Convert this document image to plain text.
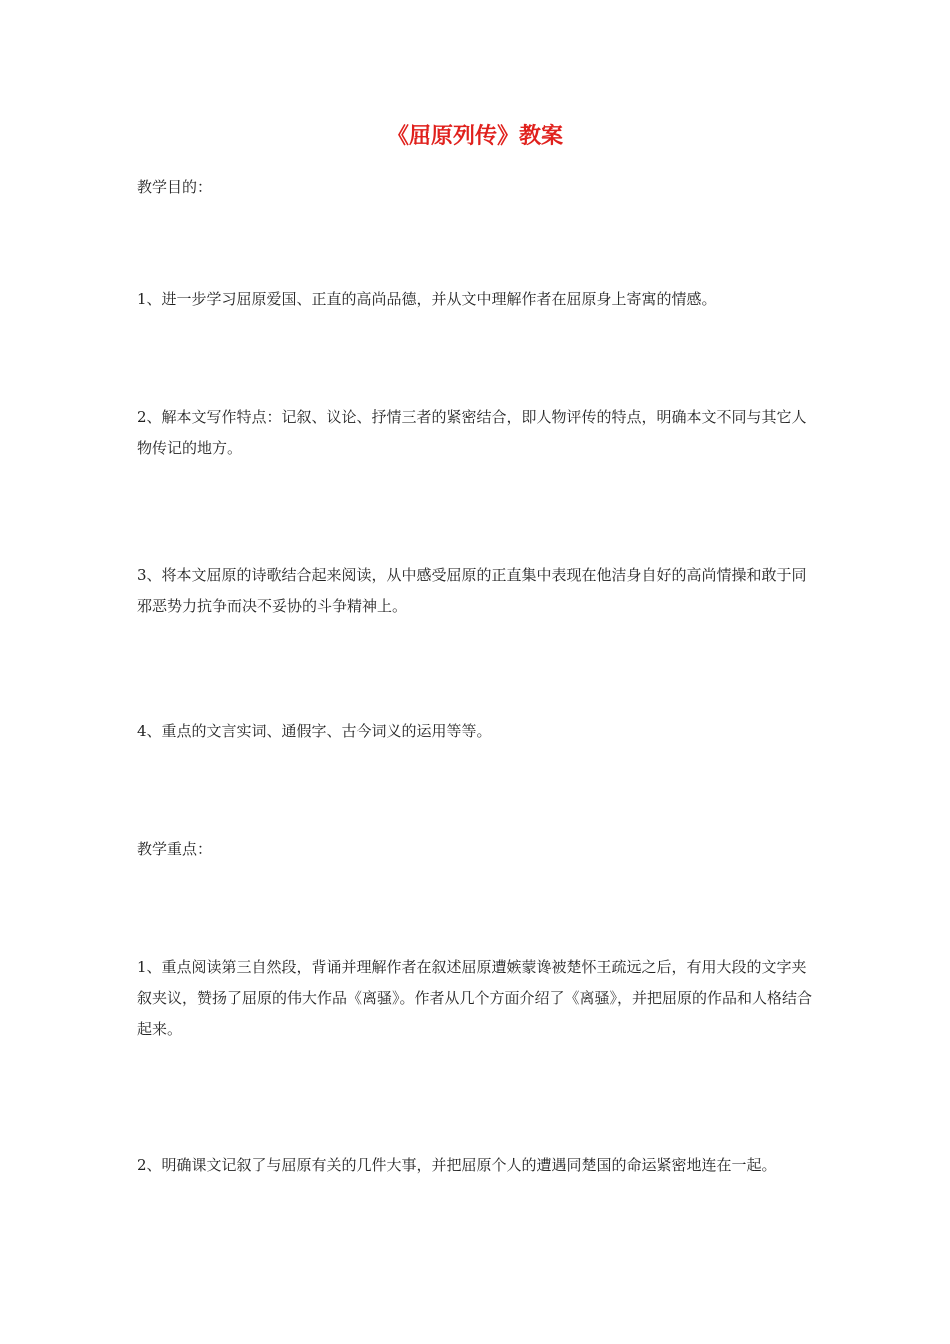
《屈原列传》教案

教学目的：

1、进一步学习屈原爱国、正直的高尚品德，并从文中理解作者在屈原身上寄寓的情感。

2、解本文写作特点：记叙、议论、抒情三者的紧密结合，即人物评传的特点，明确本文不同与其它人物传记的地方。

3、将本文屈原的诗歌结合起来阅读，从中感受屈原的正直集中表现在他洁身自好的高尚情操和敢于同邪恶势力抗争而决不妥协的斗争精神上。

4、重点的文言实词、通假字、古今词义的运用等等。

教学重点：

1、重点阅读第三自然段，背诵并理解作者在叙述屈原遭嫉蒙谗被楚怀王疏远之后，有用大段的文字夹叙夹议，赞扬了屈原的伟大作品《离骚》。作者从几个方面介绍了《离骚》，并把屈原的作品和人格结合起来。

2、明确课文记叙了与屈原有关的几件大事，并把屈原个人的遭遇同楚国的命运紧密地连在一起。
